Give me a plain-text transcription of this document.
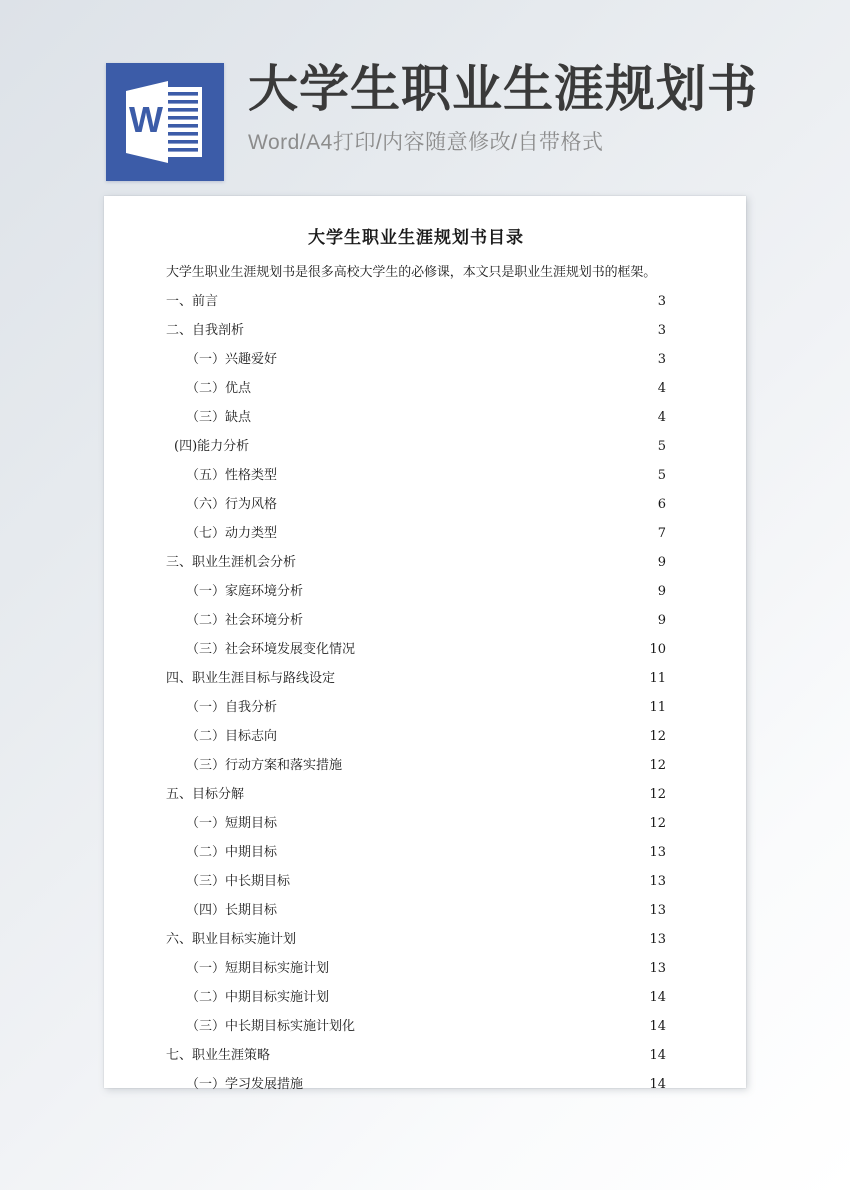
W
大学生职业生涯规划书
Word/A4打印/内容随意修改/自带格式
大学生职业生涯规划书目录

大学生职业生涯规划书是很多高校大学生的必修课，本文只是职业生涯规划书的框架。

一、前言 .....	3
二、自我剖析 .....	3
（一）兴趣爱好 .....	3
（二）优点 .....	4
（三）缺点 .....	4
(四)能力分析 .....	5
（五）性格类型 .....	5
（六）行为风格 .....	6
（七）动力类型 .....	7
三、职业生涯机会分析 .....	9
（一）家庭环境分析 .....	9
（二）社会环境分析 .....	9
（三）社会环境发展变化情况 .....	10
四、职业生涯目标与路线设定 .....	11
（一）自我分析 .....	11
（二）目标志向 .....	12
（三）行动方案和落实措施 .....	12
五、目标分解 .....	12
（一）短期目标 .....	12
（二）中期目标 .....	13
（三）中长期目标 .....	13
（四）长期目标 .....	13
六、职业目标实施计划 .....	13
（一）短期目标实施计划 .....	13
（二）中期目标实施计划 .....	14
（三）中长期目标实施计划化 .....	14
七、职业生涯策略 .....	14
（一）学习发展措施 .....	14
